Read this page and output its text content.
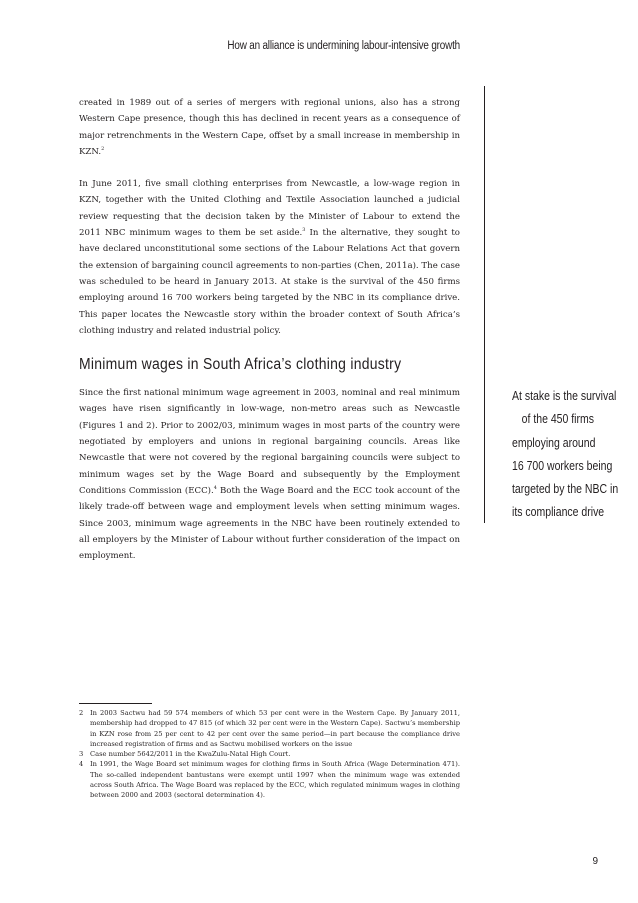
How an alliance is undermining labour-intensive growth

created in 1989 out of a series of mergers with regional unions, also has a strong Western Cape presence, though this has declined in recent years as a consequence of major retrenchments in the Western Cape, offset by a small increase in membership in KZN.$^2$

In June 2011, five small clothing enterprises from Newcastle, a low-wage region in KZN, together with the United Clothing and Textile Association launched a judicial review requesting that the decision taken by the Minister of Labour to extend the 2011 NBC minimum wages to them be set aside.$^3$ In the alternative, they sought to have declared unconstitutional some sections of the Labour Relations Act that govern the extension of bargaining council agreements to non-parties (Chen, 2011a). The case was scheduled to be heard in January 2013. At stake is the survival of the 450 firms employing around 16 700 workers being targeted by the NBC in its compliance drive. This paper locates the Newcastle story within the broader context of South Africa’s clothing industry and related industrial policy.

Minimum wages in South Africa’s clothing industry

Since the first national minimum wage agreement in 2003, nominal and real minimum wages have risen significantly in low-wage, non-metro areas such as Newcastle (Figures 1 and 2). Prior to 2002/03, minimum wages in most parts of the country were negotiated by employers and unions in regional bargaining councils. Areas like Newcastle that were not covered by the regional bargaining councils were subject to minimum wages set by the Wage Board and subsequently by the Employment Conditions Commission (ECC).$^4$ Both the Wage Board and the ECC took account of the likely trade-off between wage and employment levels when setting minimum wages. Since 2003, minimum wage agreements in the NBC have been routinely extended to all employers by the Minister of Labour without further consideration of the impact on employment.

At stake is the survival
of the 450 firms
employing around
16 700 workers being
targeted by the NBC in
its compliance drive
2 In 2003 Sactwu had 59 574 members of which 53 per cent were in the Western Cape. By January 2011, membership had dropped to 47 815 (of which 32 per cent were in the Western Cape). Sactwu’s membership in KZN rose from 25 per cent to 42 per cent over the same period—in part because the compliance drive increased registration of firms and as Sactwu mobilised workers on the issue
3 Case number 5642/2011 in the KwaZulu-Natal High Court.
4 In 1991, the Wage Board set minimum wages for clothing firms in South Africa (Wage Determination 471). The so-called independent bantustans were exempt until 1997 when the minimum wage was extended across South Africa. The Wage Board was replaced by the ECC, which regulated minimum wages in clothing between 2000 and 2003 (sectoral determination 4).
9
